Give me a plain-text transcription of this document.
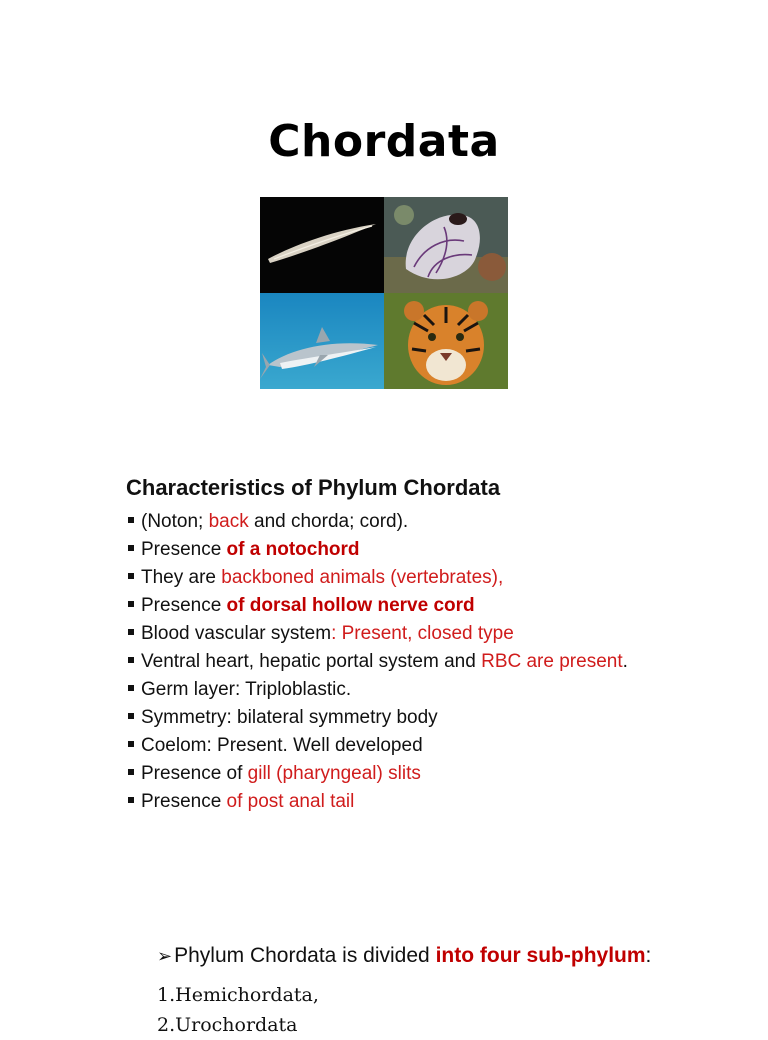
Chordata
Characteristics of Phylum Chordata
(Noton; back and chorda; cord).
Presence of a notochord
They are backboned animals (vertebrates),
Presence of dorsal hollow nerve cord
Blood vascular system: Present, closed type
Ventral heart, hepatic portal system and RBC are present.
Germ layer: Triploblastic.
Symmetry: bilateral symmetry body
Coelom: Present. Well developed
Presence of gill (pharyngeal) slits
Presence of post anal tail
➢Phylum Chordata is divided into four sub-phylum:
1.Hemichordata,
2.Urochordata
